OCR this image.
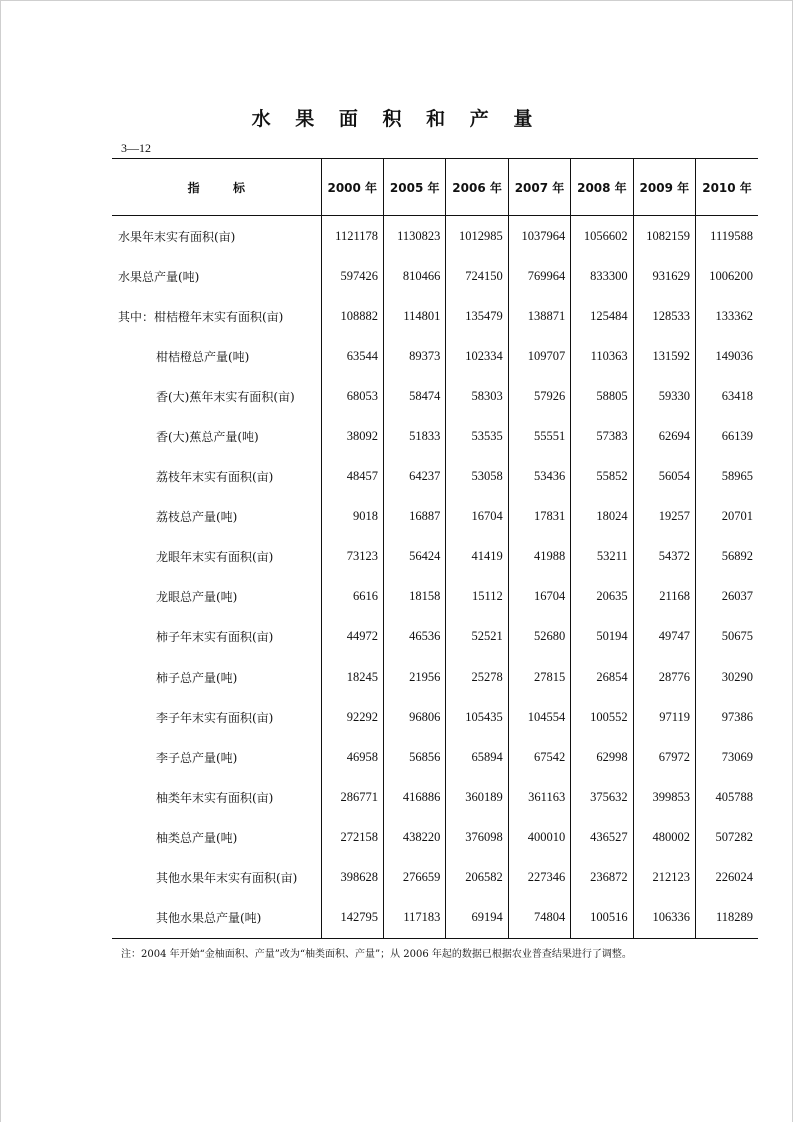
水 果 面 积 和 产 量
3—12
指        标	2000 年	2005 年	2006 年	2007 年	2008 年	2009 年	2010 年
水果年末实有面积(亩)	1121178	1130823	1012985	1037964	1056602	1082159	1119588
水果总产量(吨)	597426	810466	724150	769964	833300	931629	1006200
其中：柑桔橙年末实有面积(亩)	108882	114801	135479	138871	125484	128533	133362
柑桔橙总产量(吨)	63544	89373	102334	109707	110363	131592	149036
香(大)蕉年末实有面积(亩)	68053	58474	58303	57926	58805	59330	63418
香(大)蕉总产量(吨)	38092	51833	53535	55551	57383	62694	66139
荔枝年末实有面积(亩)	48457	64237	53058	53436	55852	56054	58965
荔枝总产量(吨)	9018	16887	16704	17831	18024	19257	20701
龙眼年末实有面积(亩)	73123	56424	41419	41988	53211	54372	56892
龙眼总产量(吨)	6616	18158	15112	16704	20635	21168	26037
柿子年末实有面积(亩)	44972	46536	52521	52680	50194	49747	50675
柿子总产量(吨)	18245	21956	25278	27815	26854	28776	30290
李子年末实有面积(亩)	92292	96806	105435	104554	100552	97119	97386
李子总产量(吨)	46958	56856	65894	67542	62998	67972	73069
柚类年末实有面积(亩)	286771	416886	360189	361163	375632	399853	405788
柚类总产量(吨)	272158	438220	376098	400010	436527	480002	507282
其他水果年末实有面积(亩)	398628	276659	206582	227346	236872	212123	226024
其他水果总产量(吨)	142795	117183	69194	74804	100516	106336	118289
注：2004 年开始“金柚面积、产量”改为“柚类面积、产量”；从 2006 年起的数据已根据农业普查结果进行了调整。
